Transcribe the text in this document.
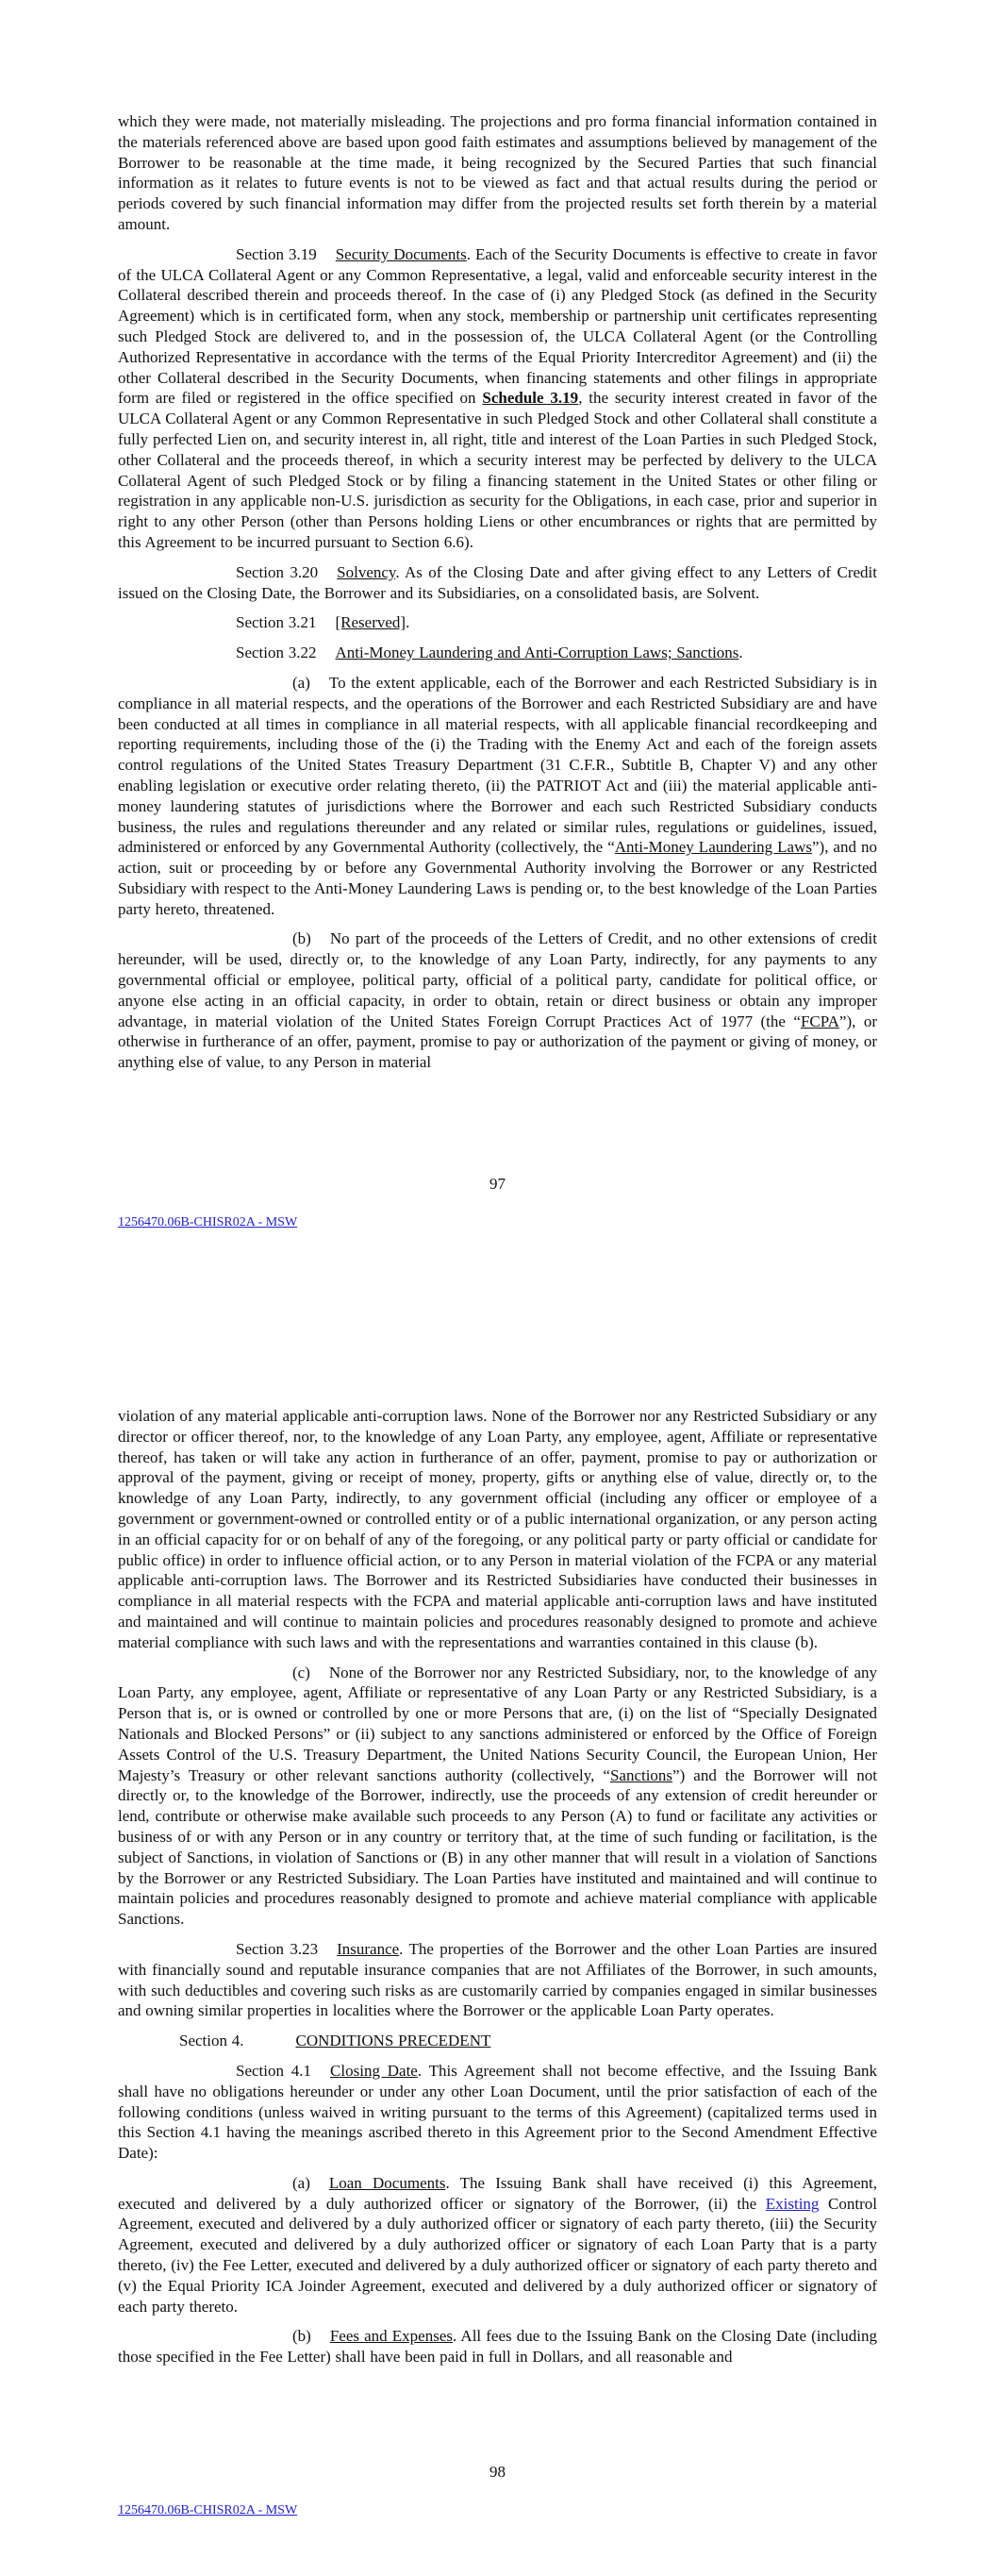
which they were made, not materially misleading. The projections and pro forma financial information contained in the materials referenced above are based upon good faith estimates and assumptions believed by management of the Borrower to be reasonable at the time made, it being recognized by the Secured Parties that such financial information as it relates to future events is not to be viewed as fact and that actual results during the period or periods covered by such financial information may differ from the projected results set forth therein by a material amount.

Section 3.19 Security Documents. Each of the Security Documents is effective to create in favor of the ULCA Collateral Agent or any Common Representative, a legal, valid and enforceable security interest in the Collateral described therein and proceeds thereof. In the case of (i) any Pledged Stock (as defined in the Security Agreement) which is in certificated form, when any stock, membership or partnership unit certificates representing such Pledged Stock are delivered to, and in the possession of, the ULCA Collateral Agent (or the Controlling Authorized Representative in accordance with the terms of the Equal Priority Intercreditor Agreement) and (ii) the other Collateral described in the Security Documents, when financing statements and other filings in appropriate form are filed or registered in the office specified on Schedule 3.19, the security interest created in favor of the ULCA Collateral Agent or any Common Representative in such Pledged Stock and other Collateral shall constitute a fully perfected Lien on, and security interest in, all right, title and interest of the Loan Parties in such Pledged Stock, other Collateral and the proceeds thereof, in which a security interest may be perfected by delivery to the ULCA Collateral Agent of such Pledged Stock or by filing a financing statement in the United States or other filing or registration in any applicable non-U.S. jurisdiction as security for the Obligations, in each case, prior and superior in right to any other Person (other than Persons holding Liens or other encumbrances or rights that are permitted by this Agreement to be incurred pursuant to Section 6.6).

Section 3.20 Solvency. As of the Closing Date and after giving effect to any Letters of Credit issued on the Closing Date, the Borrower and its Subsidiaries, on a consolidated basis, are Solvent.

Section 3.21 [Reserved].

Section 3.22 Anti-Money Laundering and Anti-Corruption Laws; Sanctions.

(a) To the extent applicable, each of the Borrower and each Restricted Subsidiary is in compliance in all material respects, and the operations of the Borrower and each Restricted Subsidiary are and have been conducted at all times in compliance in all material respects, with all applicable financial recordkeeping and reporting requirements, including those of the (i) the Trading with the Enemy Act and each of the foreign assets control regulations of the United States Treasury Department (31 C.F.R., Subtitle B, Chapter V) and any other enabling legislation or executive order relating thereto, (ii) the PATRIOT Act and (iii) the material applicable anti-money laundering statutes of jurisdictions where the Borrower and each such Restricted Subsidiary conducts business, the rules and regulations thereunder and any related or similar rules, regulations or guidelines, issued, administered or enforced by any Governmental Authority (collectively, the “Anti-Money Laundering Laws”), and no action, suit or proceeding by or before any Governmental Authority involving the Borrower or any Restricted Subsidiary with respect to the Anti-Money Laundering Laws is pending or, to the best knowledge of the Loan Parties party hereto, threatened.

(b) No part of the proceeds of the Letters of Credit, and no other extensions of credit hereunder, will be used, directly or, to the knowledge of any Loan Party, indirectly, for any payments to any governmental official or employee, political party, official of a political party, candidate for political office, or anyone else acting in an official capacity, in order to obtain, retain or direct business or obtain any improper advantage, in material violation of the United States Foreign Corrupt Practices Act of 1977 (the “FCPA”), or otherwise in furtherance of an offer, payment, promise to pay or authorization of the payment or giving of money, or anything else of value, to any Person in material

97
1256470.06B-CHISR02A - MSW

violation of any material applicable anti-corruption laws. None of the Borrower nor any Restricted Subsidiary or any director or officer thereof, nor, to the knowledge of any Loan Party, any employee, agent, Affiliate or representative thereof, has taken or will take any action in furtherance of an offer, payment, promise to pay or authorization or approval of the payment, giving or receipt of money, property, gifts or anything else of value, directly or, to the knowledge of any Loan Party, indirectly, to any government official (including any officer or employee of a government or government-owned or controlled entity or of a public international organization, or any person acting in an official capacity for or on behalf of any of the foregoing, or any political party or party official or candidate for public office) in order to influence official action, or to any Person in material violation of the FCPA or any material applicable anti-corruption laws. The Borrower and its Restricted Subsidiaries have conducted their businesses in compliance in all material respects with the FCPA and material applicable anti-corruption laws and have instituted and maintained and will continue to maintain policies and procedures reasonably designed to promote and achieve material compliance with such laws and with the representations and warranties contained in this clause (b).

(c) None of the Borrower nor any Restricted Subsidiary, nor, to the knowledge of any Loan Party, any employee, agent, Affiliate or representative of any Loan Party or any Restricted Subsidiary, is a Person that is, or is owned or controlled by one or more Persons that are, (i) on the list of “Specially Designated Nationals and Blocked Persons” or (ii) subject to any sanctions administered or enforced by the Office of Foreign Assets Control of the U.S. Treasury Department, the United Nations Security Council, the European Union, Her Majesty’s Treasury or other relevant sanctions authority (collectively, “Sanctions”) and the Borrower will not directly or, to the knowledge of the Borrower, indirectly, use the proceeds of any extension of credit hereunder or lend, contribute or otherwise make available such proceeds to any Person (A) to fund or facilitate any activities or business of or with any Person or in any country or territory that, at the time of such funding or facilitation, is the subject of Sanctions, in violation of Sanctions or (B) in any other manner that will result in a violation of Sanctions by the Borrower or any Restricted Subsidiary. The Loan Parties have instituted and maintained and will continue to maintain policies and procedures reasonably designed to promote and achieve material compliance with applicable Sanctions.

Section 3.23 Insurance. The properties of the Borrower and the other Loan Parties are insured with financially sound and reputable insurance companies that are not Affiliates of the Borrower, in such amounts, with such deductibles and covering such risks as are customarily carried by companies engaged in similar businesses and owning similar properties in localities where the Borrower or the applicable Loan Party operates.

Section 4.	CONDITIONS PRECEDENT

Section 4.1 Closing Date. This Agreement shall not become effective, and the Issuing Bank shall have no obligations hereunder or under any other Loan Document, until the prior satisfaction of each of the following conditions (unless waived in writing pursuant to the terms of this Agreement) (capitalized terms used in this Section 4.1 having the meanings ascribed thereto in this Agreement prior to the Second Amendment Effective Date):

(a) Loan Documents. The Issuing Bank shall have received (i) this Agreement, executed and delivered by a duly authorized officer or signatory of the Borrower, (ii) the Existing Control Agreement, executed and delivered by a duly authorized officer or signatory of each party thereto, (iii) the Security Agreement, executed and delivered by a duly authorized officer or signatory of each Loan Party that is a party thereto, (iv) the Fee Letter, executed and delivered by a duly authorized officer or signatory of each party thereto and (v) the Equal Priority ICA Joinder Agreement, executed and delivered by a duly authorized officer or signatory of each party thereto.

(b) Fees and Expenses. All fees due to the Issuing Bank on the Closing Date (including those specified in the Fee Letter) shall have been paid in full in Dollars, and all reasonable and

98
1256470.06B-CHISR02A - MSW
